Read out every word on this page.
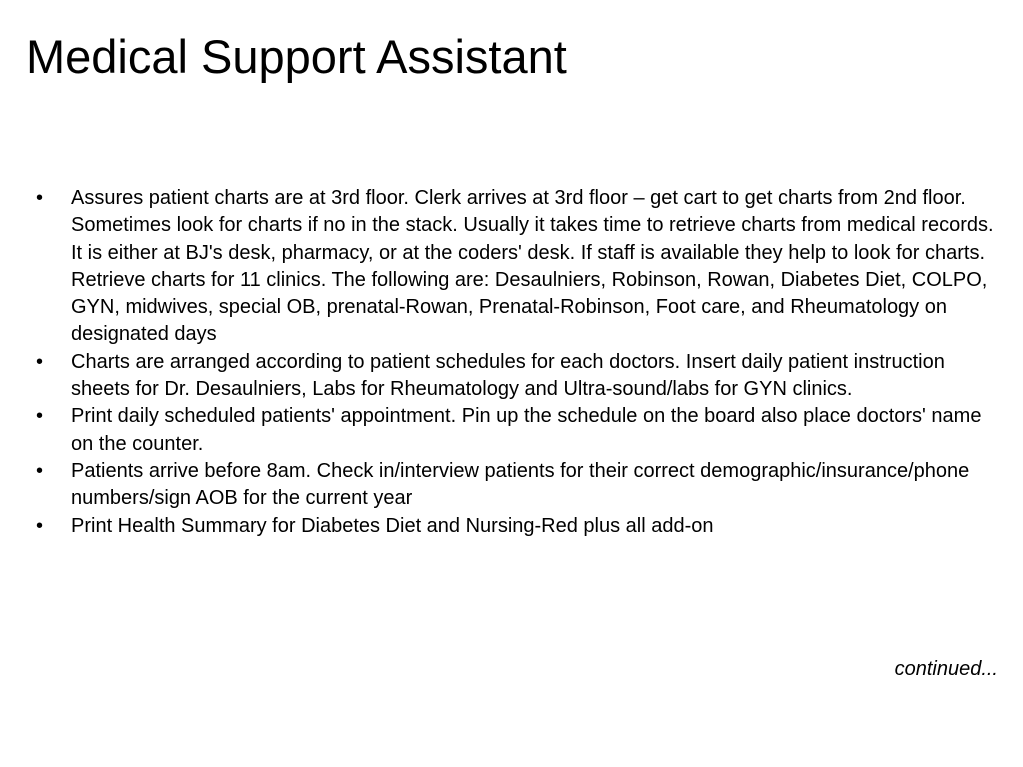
Medical Support Assistant
• Assures patient charts are at 3rd floor. Clerk arrives at 3rd floor – get cart to get charts from 2nd floor. Sometimes look for charts if no in the stack. Usually it takes time to retrieve charts from medical records. It is either at BJ's desk, pharmacy, or at the coders' desk. If staff is available they help to look for charts. Retrieve charts for 11 clinics. The following are: Desaulniers, Robinson, Rowan, Diabetes Diet, COLPO, GYN, midwives, special OB, prenatal-Rowan, Prenatal-Robinson, Foot care, and Rheumatology on designated days
• Charts are arranged according to patient schedules for each doctors. Insert daily patient instruction sheets for Dr. Desaulniers, Labs for Rheumatology and Ultra-sound/labs for GYN clinics.
• Print daily scheduled patients' appointment. Pin up the schedule on the board also place doctors' name on the counter.
• Patients arrive before 8am. Check in/interview patients for their correct demographic/insurance/phone numbers/sign AOB for the current year
• Print Health Summary for Diabetes Diet and Nursing-Red plus all add-on
continued...
